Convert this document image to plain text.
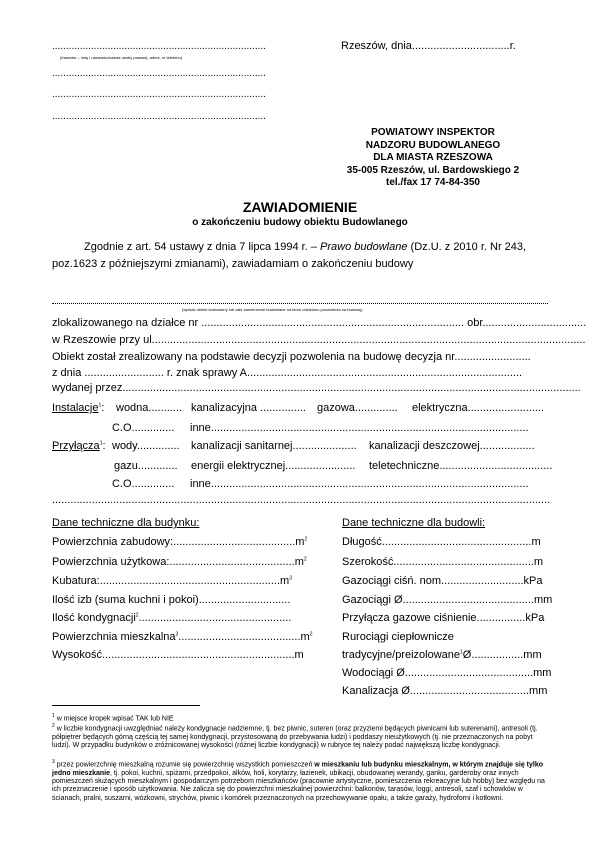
.............................................................................
(Inwestor – imię i nazwisko/nazwa osoby prawnej, adres, nr telefonu)
.............................................................................
.............................................................................
.............................................................................
Rzeszów, dnia................................r.
POWIATOWY INSPEKTOR
NADZORU BUDOWLANEGO
DLA MIASTA RZESZOWA
35-005 Rzeszów, ul. Bardowskiego 2
tel./fax 17 74-84-350
ZAWIADOMIENIE
o zakończeniu budowy obiektu Budowlanego
Zgodnie z art. 54 ustawy z dnia 7 lipca 1994 r. – Prawo budowlane (Dz.U. z 2010 r. Nr 243,
poz.1623 z późniejszymi zmianami), zawiadamiam o zakończeniu budowy
(wpisać obiekt budowlany lub całe zamierzenie budowlane na które udzielono pozwolenia na budowę)
zlokalizowanego na działce nr ...................................................................................... obr..................................
w Rzeszowie przy ul..............................................................................................................................................
Obiekt został zrealizowany na podstawie decyzji pozwolenia na budowę decyzja nr.........................
z dnia .......................... r. znak sprawy A..........................................................................................
wydanej przez......................................................................................................................................................
Instalacje$^1$: wodna........... kanalizacyjna ............... gazowa.............. elektryczna.........................
C.O.............. inne........................................................................................................
Przyłącza$^1$: wody.............. kanalizacji sanitarnej..................... kanalizacji deszczowej..................
gazu............. energii elektrycznej....................... teletechniczne.....................................
C.O.............. inne........................................................................................................
...................................................................................................................................................................
Dane techniczne dla budynku:
Powierzchnia $zabudowy:........................................m^2$
Powierzchnia $użytkowa:.........................................m^2$
$Kubatura:...........................................................m^3$
Ilość izb (suma kuchni i pokoi)..............................
Ilość kondygnacji$^2$..................................................
Powierzchnia $mieszkalna^3........................................m^2$
Wysokość...............................................................m
Dane techniczne dla budowli:
Długość.................................................m
Szerokość..............................................m
Gazociągi ciśń. nom...........................kPa
Gazociągi Ø...........................................mm
Przyłącza gazowe ciśnienie................kPa
Rurociągi ciepłownicze
tradycyjne/preizolowane$^1$Ø.................mm
Wodociągi Ø..........................................mm
Kanalizacja Ø.......................................mm
$^1$ w miejsce kropek wpisać TAK lub NIE
$^2$ w liczbie kondygnacji uwzględniać należy kondygnacje nadziemne, tj. bez piwnic, suteren (oraz przyziemi będących piwnicami lub suterenami), antresoli (tj. półpiętrer będących górną częścią tej samej kondygnacji, przystosowaną do przebywania ludzi) i poddaszy nieużytkowych (tj. nie przeznaczonych na pobyt ludzi). W przypadku budynków o zróżnicowanej wysokości (różnej liczbie kondygnacji) w rubryce tej należy podać największą liczbę kondygnacji.
$^3$ przez powierzchnię mieszkalną rozumie się powierzchnię wszystkich pomieszczeń w mieszkaniu lub budynku mieszkalnym, w którym znajduje się tylko jedno mieszkanie, tj. pokoi, kuchni, spiżarni, przedpokoi, alków, holi, korytarzy, łazienek, ubikacji, obudowanej werandy, ganku, garderoby oraz innych pomieszczeń służących mieszkalnym i gospodarczym potrzebom mieszkańców (pracownie artystyczne, pomieszczenia rekreacyjne lub hobby) bez względu na ich przeznaczenie i sposób użytkowania. Nie zalicza się do powierzchni mieszkalnej powierzchni: balkonów, tarasów, loggi, antresoli, szaf i schowków w ścianach, pralni, suszarni, wózkowni, strychów, piwnic i komórek przeznaczonych na przechowywanie opału, a także garaży, hydroforni i kotłowni.
